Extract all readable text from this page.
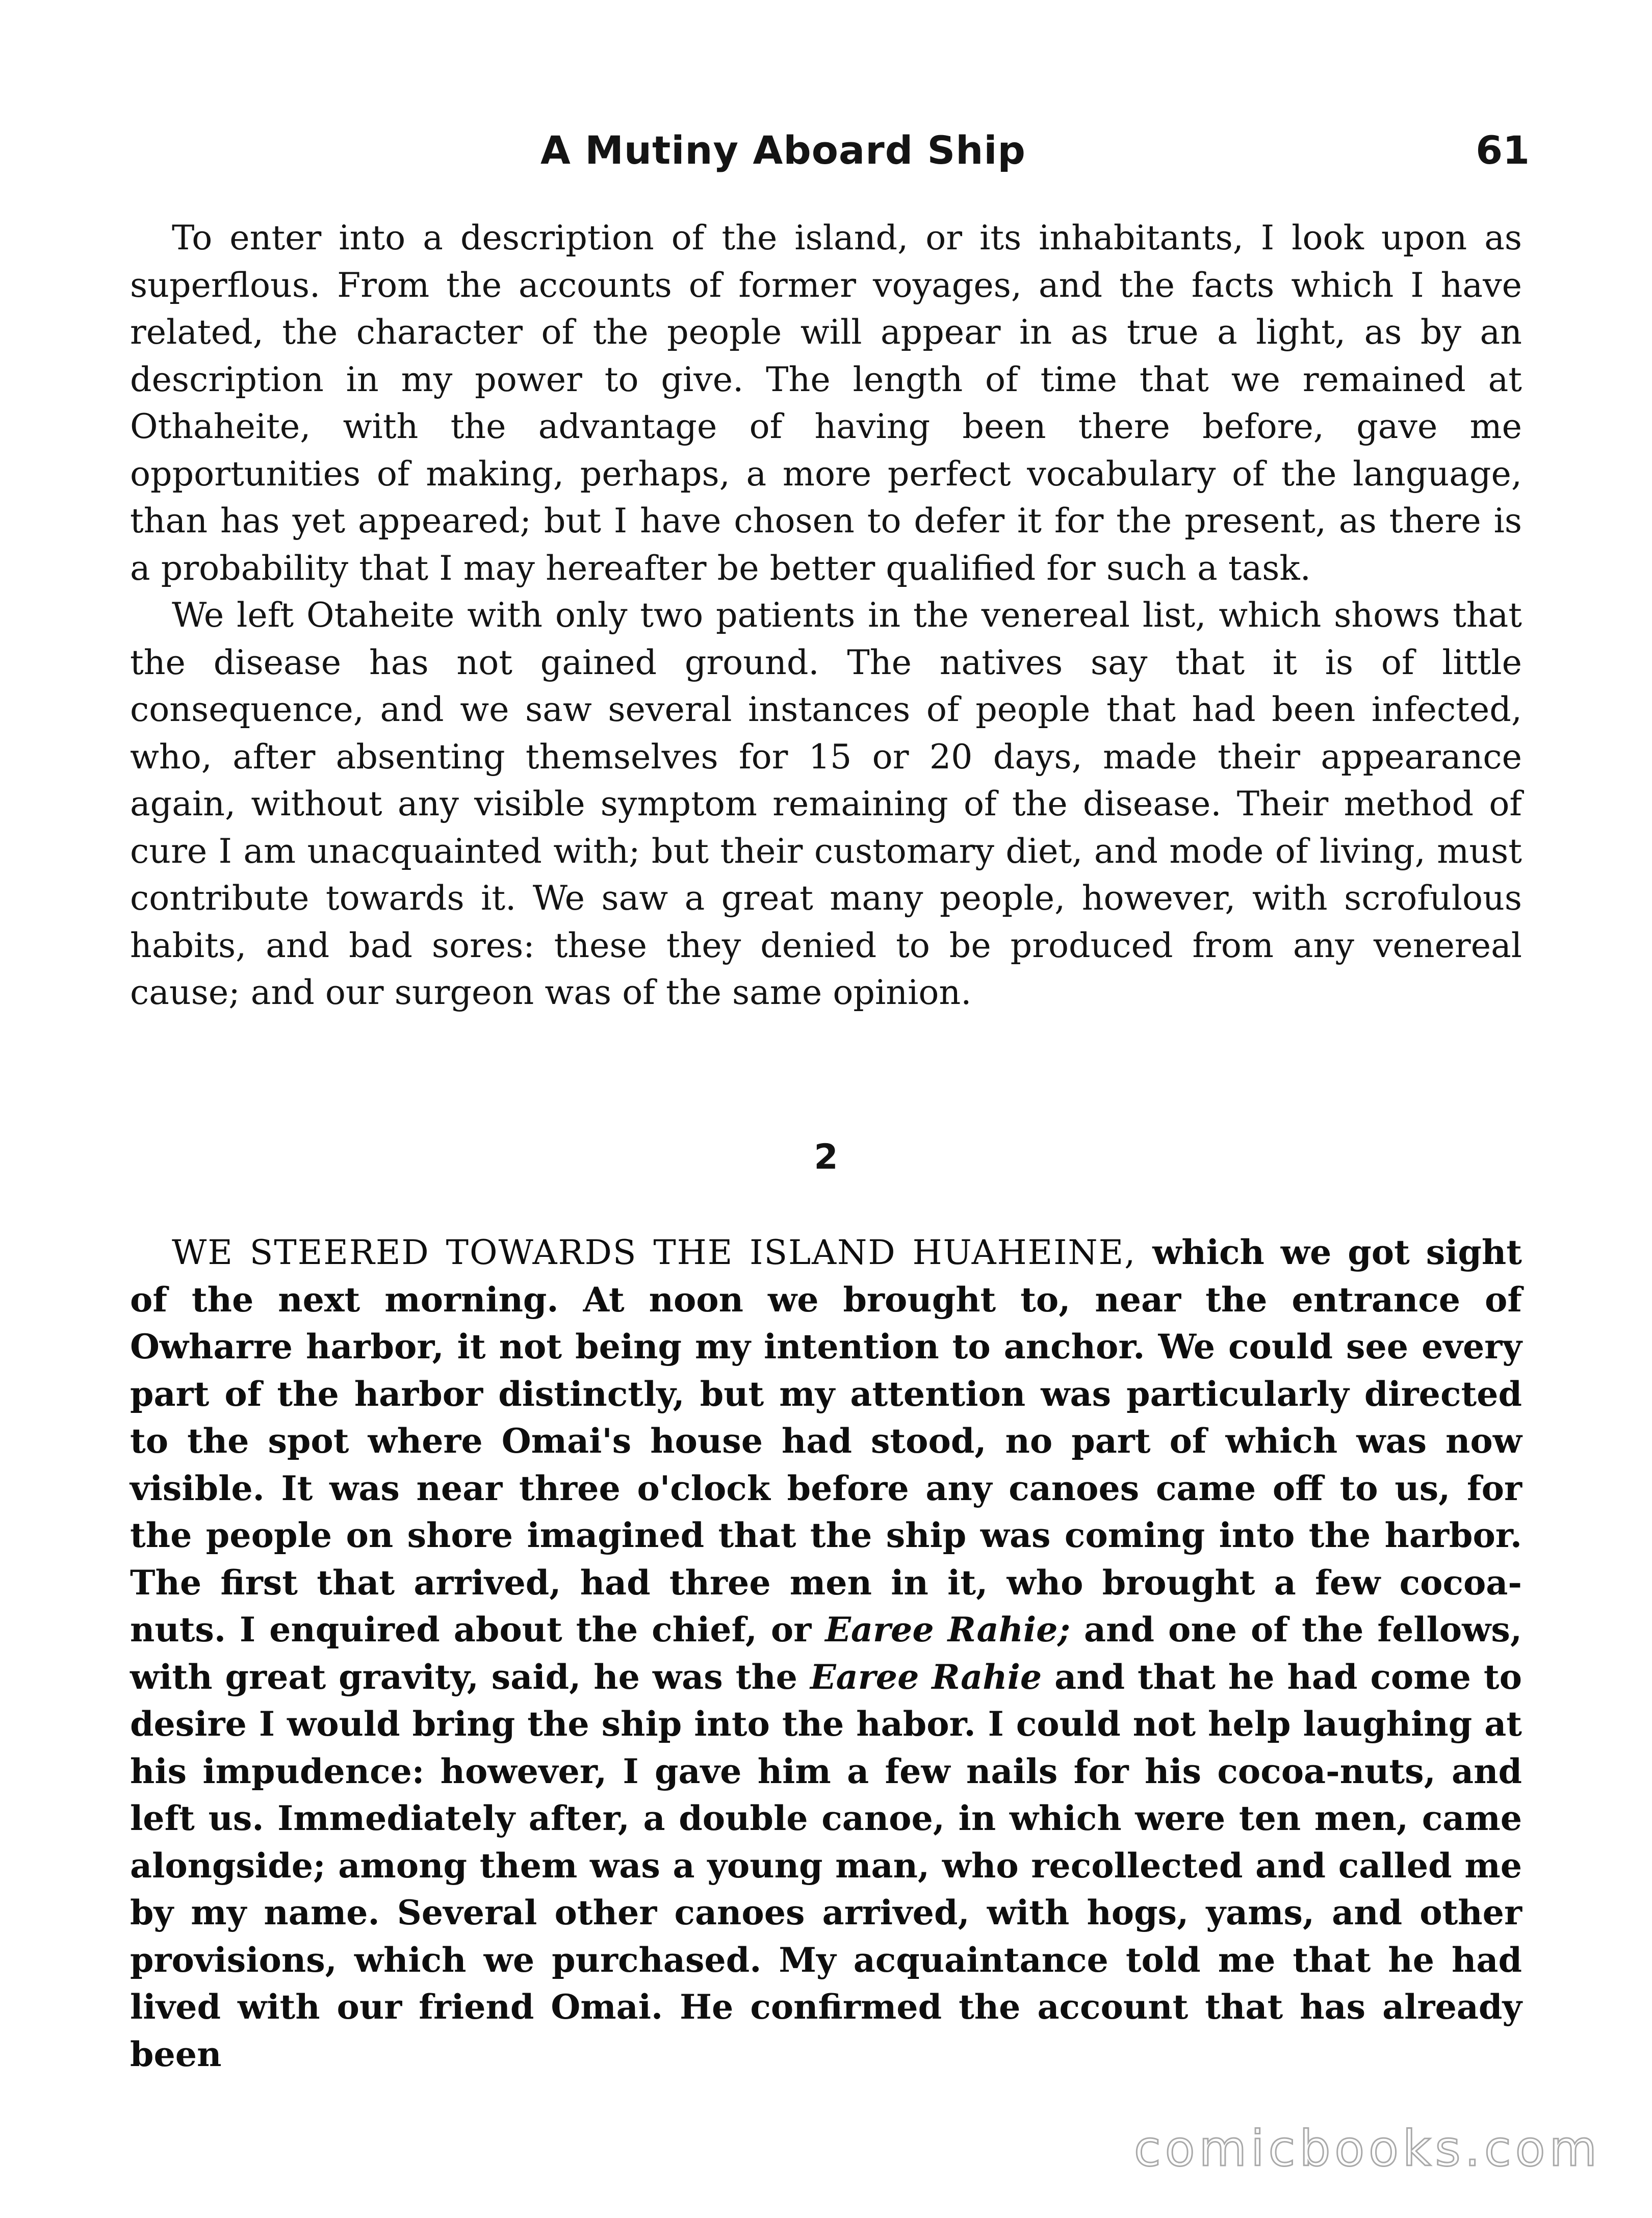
A Mutiny Aboard Ship	61

To enter into a description of the island, or its inhabitants, I look upon as superflous. From the accounts of former voyages, and the facts which I have related, the character of the people will appear in as true a light, as by an description in my power to give. The length of time that we remained at Othaheite, with the advantage of having been there before, gave me opportunities of making, perhaps, a more perfect vocabulary of the language, than has yet appeared; but I have chosen to defer it for the present, as there is a probability that I may hereafter be better qualified for such a task.

We left Otaheite with only two patients in the venereal list, which shows that the disease has not gained ground. The natives say that it is of little consequence, and we saw several instances of people that had been infected, who, after absenting themselves for 15 or 20 days, made their appearance again, without any visible symptom remaining of the disease. Their method of cure I am unacquainted with; but their customary diet, and mode of living, must contribute towards it. We saw a great many people, however, with scrofulous habits, and bad sores: these they denied to be produced from any venereal cause; and our surgeon was of the same opinion.

2

WE STEERED TOWARDS THE ISLAND HUAHEINE, which we got sight of the next morning. At noon we brought to, near the entrance of Owharre harbor, it not being my intention to anchor. We could see every part of the harbor distinctly, but my attention was particularly directed to the spot where Omai's house had stood, no part of which was now visible. It was near three o'clock before any canoes came off to us, for the people on shore imagined that the ship was coming into the harbor. The first that arrived, had three men in it, who brought a few cocoa-nuts. I enquired about the chief, or Earee Rahie; and one of the fellows, with great gravity, said, he was the Earee Rahie and that he had come to desire I would bring the ship into the habor. I could not help laughing at his impudence: however, I gave him a few nails for his cocoa-nuts, and left us. Immediately after, a double canoe, in which were ten men, came alongside; among them was a young man, who recollected and called me by my name. Several other canoes arrived, with hogs, yams, and other provisions, which we purchased. My acquaintance told me that he had lived with our friend Omai. He confirmed the account that has already been

comicbooks.com
